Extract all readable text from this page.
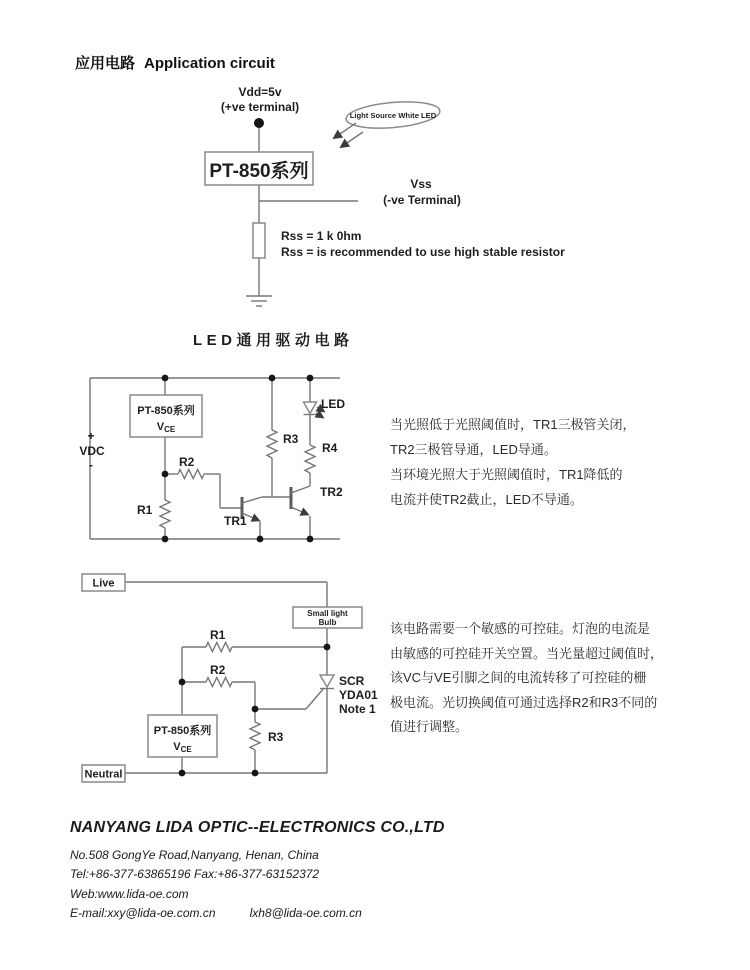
应用电路 Application circuit
Vdd=5v
(+ve terminal)
PT-850系列
Vss
(-ve Terminal)
Rss = 1 k 0hm
Rss = is recommended to use high stable resistor
Light Source White LED
LED通用驱动电路
+
VDC
-
PT-850系列
VCE
R1
R2
R3
R4
LED
TR1
TR2

当光照低于光照阈值时，TR1三极管关闭，

TR2三极管导通，LED导通。

当环境光照大于光照阈值时，TR1降低的

电流并使TR2截止，LED不导通。

Live
Small light
Bulb
R1
R2
R3
SCR
YDA01
Note 1
PT-850系列
VCE
Neutral

该电路需要一个敏感的可控硅。灯泡的电流是

由敏感的可控硅开关空置。当光量超过阈值时，

该VC与VE引脚之间的电流转移了可控硅的栅

极电流。光切换阈值可通过选择R2和R3不同的

值进行调整。

NANYANG LIDA OPTIC--ELECTRONICS CO.,LTD

No.508 GongYe Road,Nanyang, Henan, China

Tel:+86-377-63865196 Fax:+86-377-63152372

Web:www.lida-oe.com

E-mail:xxy@lida-oe.com.cn	lxh8@lida-oe.com.cn
